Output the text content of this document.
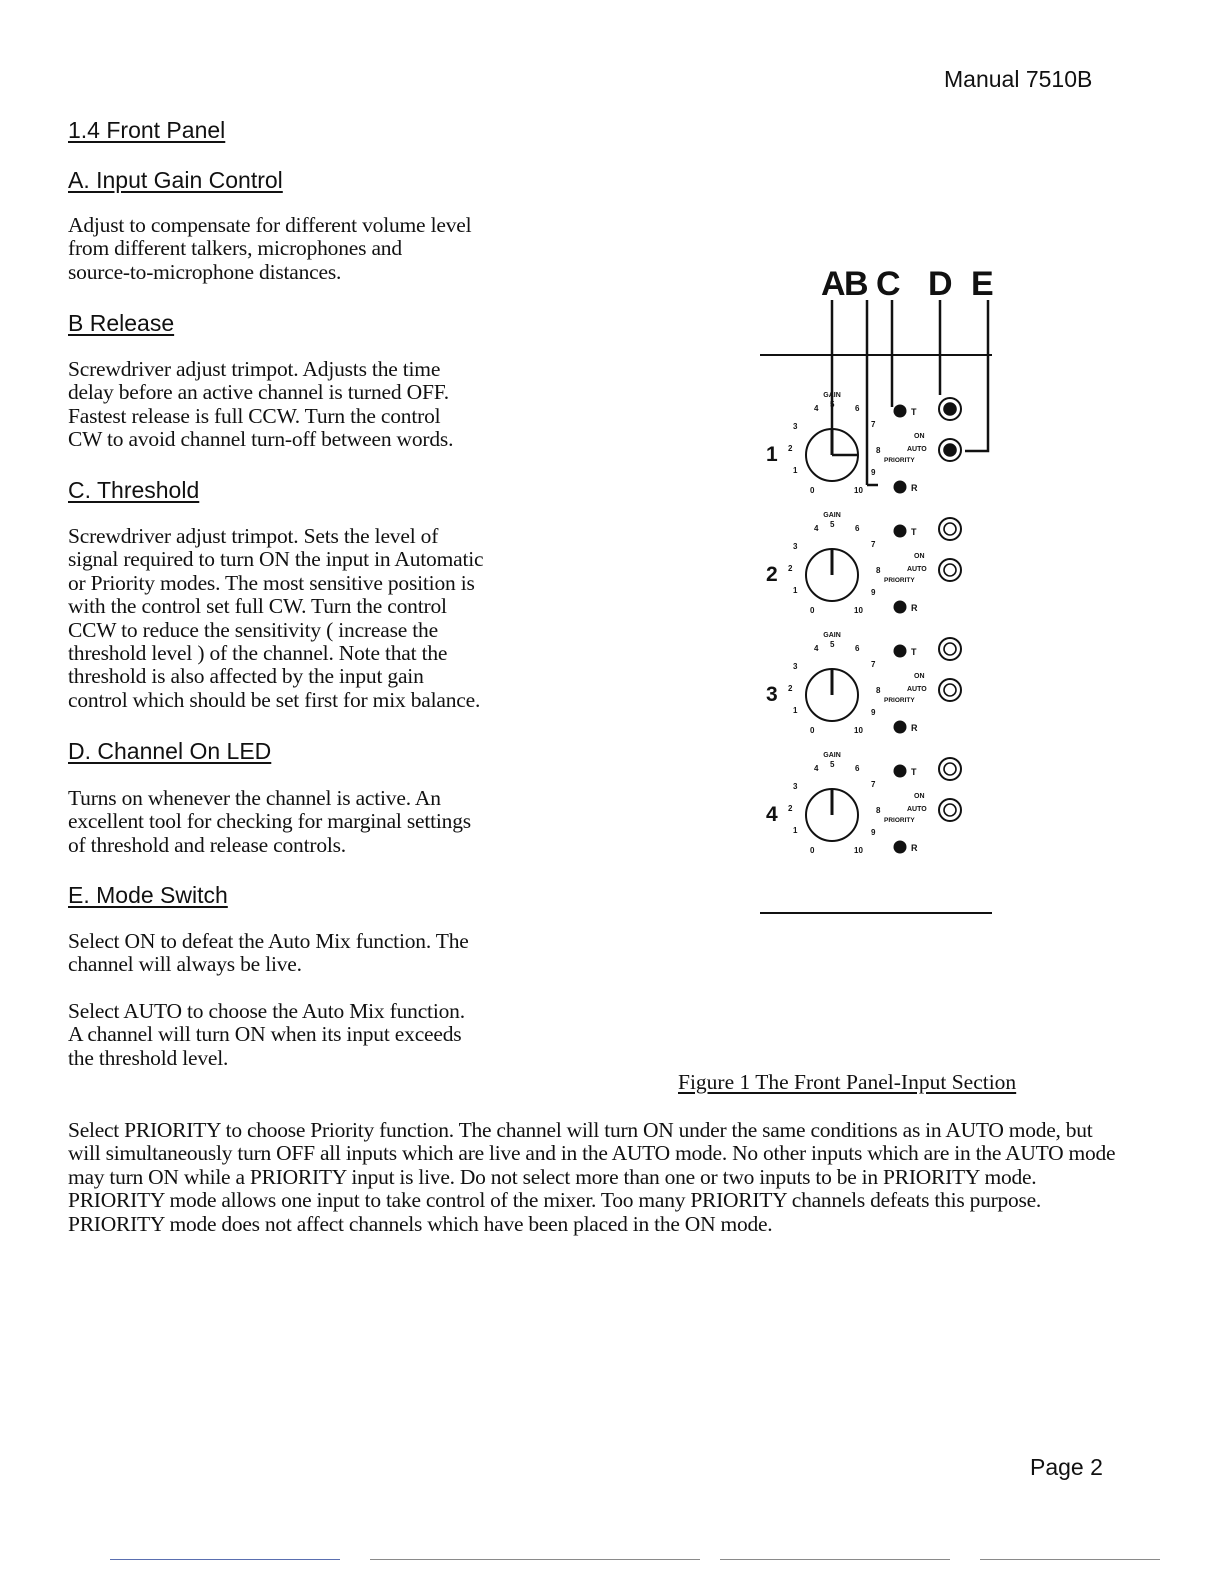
Manual 7510B
1.4 Front Panel
A. Input Gain Control

Adjust to compensate for different volume level
from different talkers, microphones and
source-to-microphone distances.

B Release

Screwdriver adjust trimpot. Adjusts the time
delay before an active channel is turned OFF.
Fastest release is full CCW. Turn the control
CW to avoid channel turn-off between words.

C. Threshold

Screwdriver adjust trimpot. Sets the level of
signal required to turn ON the input in Automatic
or Priority modes. The most sensitive position is
with the control set full CW. Turn the control
CCW to reduce the sensitivity ( increase the
threshold level ) of the channel. Note that the
threshold is also affected by the input gain
control which should be set first for mix balance.

D. Channel On LED

Turns on whenever the channel is active. An
excellent tool for checking for marginal settings
of threshold and release controls.

E. Mode Switch

Select ON to defeat the Auto Mix function. The
channel will always be live.

Select AUTO to choose the Auto Mix function.
A channel will turn ON when its input exceeds
the threshold level.

Figure 1 The Front Panel-Input Section

Select PRIORITY to choose Priority function. The channel will turn ON under the same conditions as in AUTO mode, but will simultaneously turn OFF all inputs which are live and in the AUTO mode. No other inputs which are in the AUTO mode may turn ON while a PRIORITY input is live. Do not select more than one or two inputs to be in PRIORITY mode. PRIORITY mode allows one input to take control of the mixer. Too many PRIORITY channels defeats this purpose. PRIORITY mode does not affect channels which have been placed in the ON mode.

Page 2
A
B C D E
GAIN
4 5	6
3	7
2	8
1	9
0	10
1
T
ON
AUTO
PRIORITY
R
GAIN
4 5	6
3	7
2	8
1	9
0	10
2
T
ON
AUTO
PRIORITY
R
GAIN
4 5	6
3	7
2	8
1	9
0	10
3
T
ON
AUTO
PRIORITY
R
GAIN
4 5	6
3	7
2	8
1	9
0	10
4
T
ON
AUTO
PRIORITY
R
